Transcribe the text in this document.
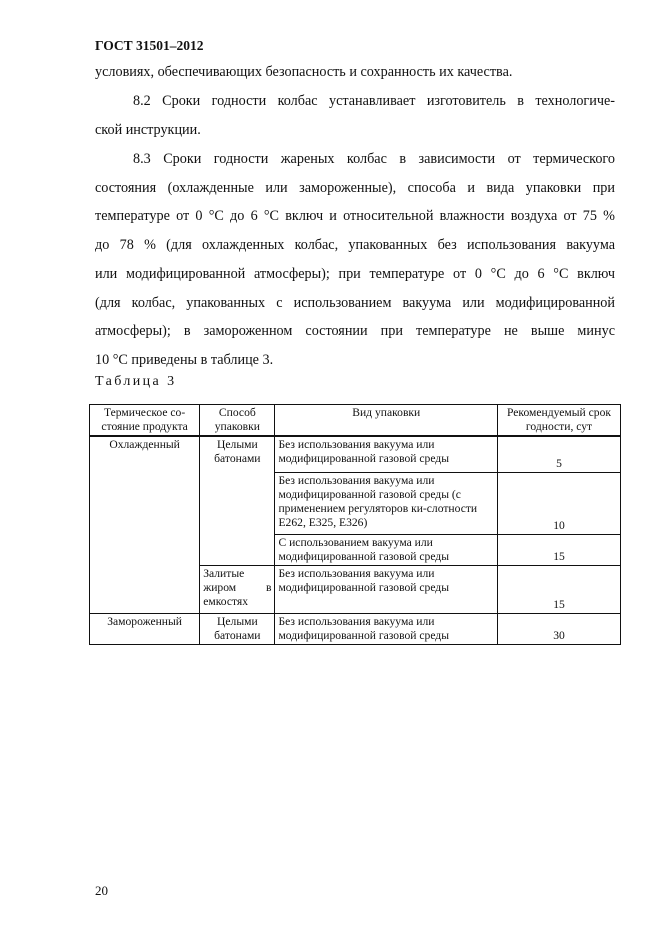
ГОСТ 31501–2012
условиях, обеспечивающих безопасность и сохранность их качества.
8.2 Сроки годности колбас устанавливает изготовитель в технологиче-
ской инструкции.
8.3 Сроки годности жареных колбас в зависимости от термического
состояния (охлажденные или замороженные), способа и вида упаковки при
температуре от 0 °С до 6 °С включ и относительной влажности воздуха от 75 %
до 78 % (для охлажденных колбас, упакованных без использования вакуума
или модифицированной атмосферы); при температуре от 0 °С до 6 °С включ
(для колбас, упакованных с использованием вакуума или модифицированной
атмосферы); в замороженном состоянии при температуре не выше минус
10 °С приведены в таблице 3.
Таблица 3
Термическое со-стояние продукта	Способ упаковки	Вид упаковки	Рекомендуемый срок годности, сут
Охлажденный	Целыми батонами	Без использования вакуума или модифицированной газовой среды	5
		Без использования вакуума или модифицированной газовой среды (с применением регуляторов ки-слотности Е262, Е325, Е326)	10
		С использованием вакуума или модифицированной газовой среды	15
	Залитые жиром в емкостях	Без использования вакуума или модифицированной газовой среды	15
Замороженный	Целыми батонами	Без использования вакуума или модифицированной газовой среды	30
20
